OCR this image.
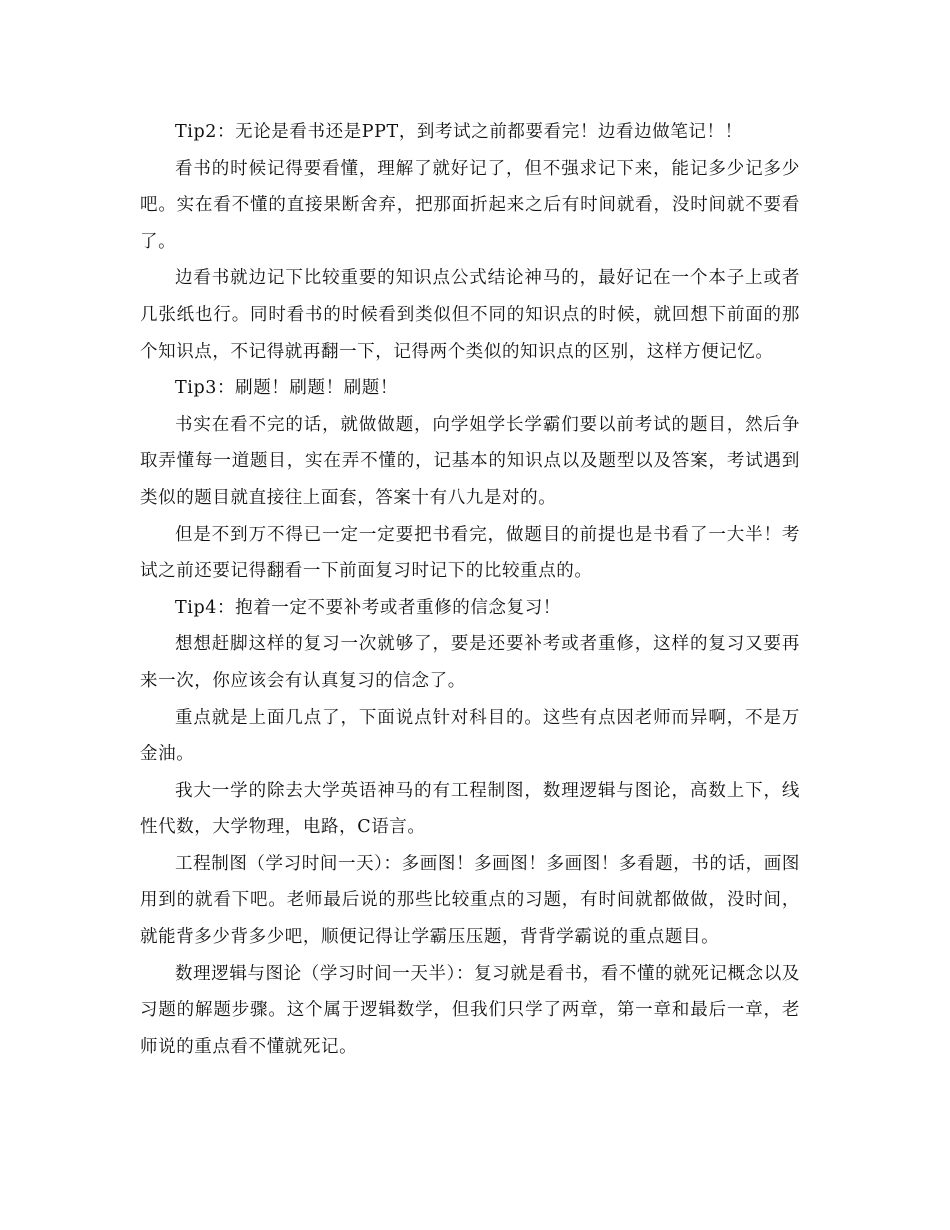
Tip2：无论是看书还是PPT，到考试之前都要看完！边看边做笔记！！

看书的时候记得要看懂，理解了就好记了，但不强求记下来，能记多少记多少吧。实在看不懂的直接果断舍弃，把那面折起来之后有时间就看，没时间就不要看了。

边看书就边记下比较重要的知识点公式结论神马的，最好记在一个本子上或者几张纸也行。同时看书的时候看到类似但不同的知识点的时候，就回想下前面的那个知识点，不记得就再翻一下，记得两个类似的知识点的区别，这样方便记忆。

Tip3：刷题！刷题！刷题！

书实在看不完的话，就做做题，向学姐学长学霸们要以前考试的题目，然后争取弄懂每一道题目，实在弄不懂的，记基本的知识点以及题型以及答案，考试遇到类似的题目就直接往上面套，答案十有八九是对的。

但是不到万不得已一定一定要把书看完，做题目的前提也是书看了一大半！考试之前还要记得翻看一下前面复习时记下的比较重点的。

Tip4：抱着一定不要补考或者重修的信念复习！

想想赶脚这样的复习一次就够了，要是还要补考或者重修，这样的复习又要再来一次，你应该会有认真复习的信念了。

重点就是上面几点了，下面说点针对科目的。这些有点因老师而异啊，不是万金油。

我大一学的除去大学英语神马的有工程制图，数理逻辑与图论，高数上下，线性代数，大学物理，电路，C语言。

工程制图（学习时间一天）：多画图！多画图！多画图！多看题，书的话，画图用到的就看下吧。老师最后说的那些比较重点的习题，有时间就都做做，没时间，就能背多少背多少吧，顺便记得让学霸压压题，背背学霸说的重点题目。

数理逻辑与图论（学习时间一天半）：复习就是看书，看不懂的就死记概念以及习题的解题步骤。这个属于逻辑数学，但我们只学了两章，第一章和最后一章，老师说的重点看不懂就死记。
